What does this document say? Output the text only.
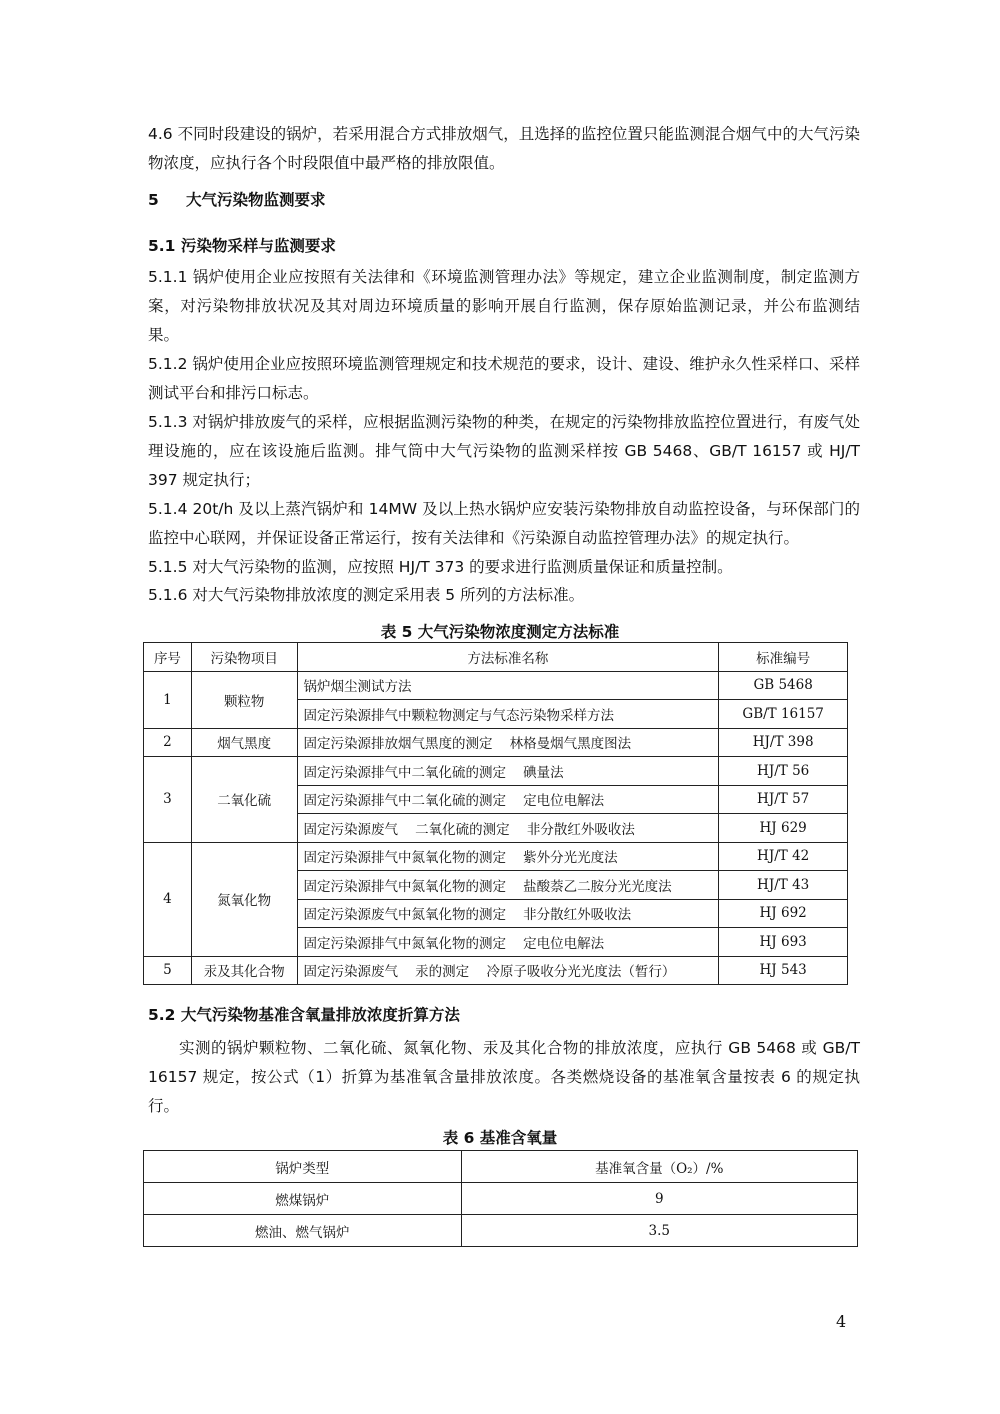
4.6 不同时段建设的锅炉，若采用混合方式排放烟气，且选择的监控位置只能监测混合烟气中的大气污染物浓度，应执行各个时段限值中最严格的排放限值。

5 大气污染物监测要求

5.1 污染物采样与监测要求

5.1.1 锅炉使用企业应按照有关法律和《环境监测管理办法》等规定，建立企业监测制度，制定监测方案，对污染物排放状况及其对周边环境质量的影响开展自行监测，保存原始监测记录，并公布监测结果。

5.1.2 锅炉使用企业应按照环境监测管理规定和技术规范的要求，设计、建设、维护永久性采样口、采样测试平台和排污口标志。

5.1.3 对锅炉排放废气的采样，应根据监测污染物的种类，在规定的污染物排放监控位置进行，有废气处理设施的，应在该设施后监测。排气筒中大气污染物的监测采样按 GB 5468、GB/T 16157 或 HJ/T 397 规定执行；

5.1.4 20t/h 及以上蒸汽锅炉和 14MW 及以上热水锅炉应安装污染物排放自动监控设备，与环保部门的监控中心联网，并保证设备正常运行，按有关法律和《污染源自动监控管理办法》的规定执行。

5.1.5 对大气污染物的监测，应按照 HJ/T 373 的要求进行监测质量保证和质量控制。

5.1.6 对大气污染物排放浓度的测定采用表 5 所列的方法标准。

表 5 大气污染物浓度测定方法标准

序号	污染物项目	方法标准名称	标准编号
1	颗粒物	锅炉烟尘测试方法	GB 5468
		固定污染源排气中颗粒物测定与气态污染物采样方法	GB/T 16157
2	烟气黑度	固定污染源排放烟气黑度的测定    林格曼烟气黑度图法	HJ/T 398
3	二氧化硫	固定污染源排气中二氧化硫的测定    碘量法	HJ/T 56
		固定污染源排气中二氧化硫的测定    定电位电解法	HJ/T 57
		固定污染源废气    二氧化硫的测定    非分散红外吸收法	HJ 629
4	氮氧化物	固定污染源排气中氮氧化物的测定    紫外分光光度法	HJ/T 42
		固定污染源排气中氮氧化物的测定    盐酸萘乙二胺分光光度法	HJ/T 43
		固定污染源废气中氮氧化物的测定    非分散红外吸收法	HJ 692
		固定污染源排气中氮氧化物的测定    定电位电解法	HJ 693
5	汞及其化合物	固定污染源废气    汞的测定    冷原子吸收分光光度法（暂行）	HJ 543

5.2 大气污染物基准含氧量排放浓度折算方法

实测的锅炉颗粒物、二氧化硫、氮氧化物、汞及其化合物的排放浓度，应执行 GB 5468 或 GB/T 16157 规定，按公式（1）折算为基准氧含量排放浓度。各类燃烧设备的基准氧含量按表 6 的规定执行。

表 6 基准含氧量

锅炉类型	基准氧含量（O₂）/%
燃煤锅炉	9
燃油、燃气锅炉	3.5
4
